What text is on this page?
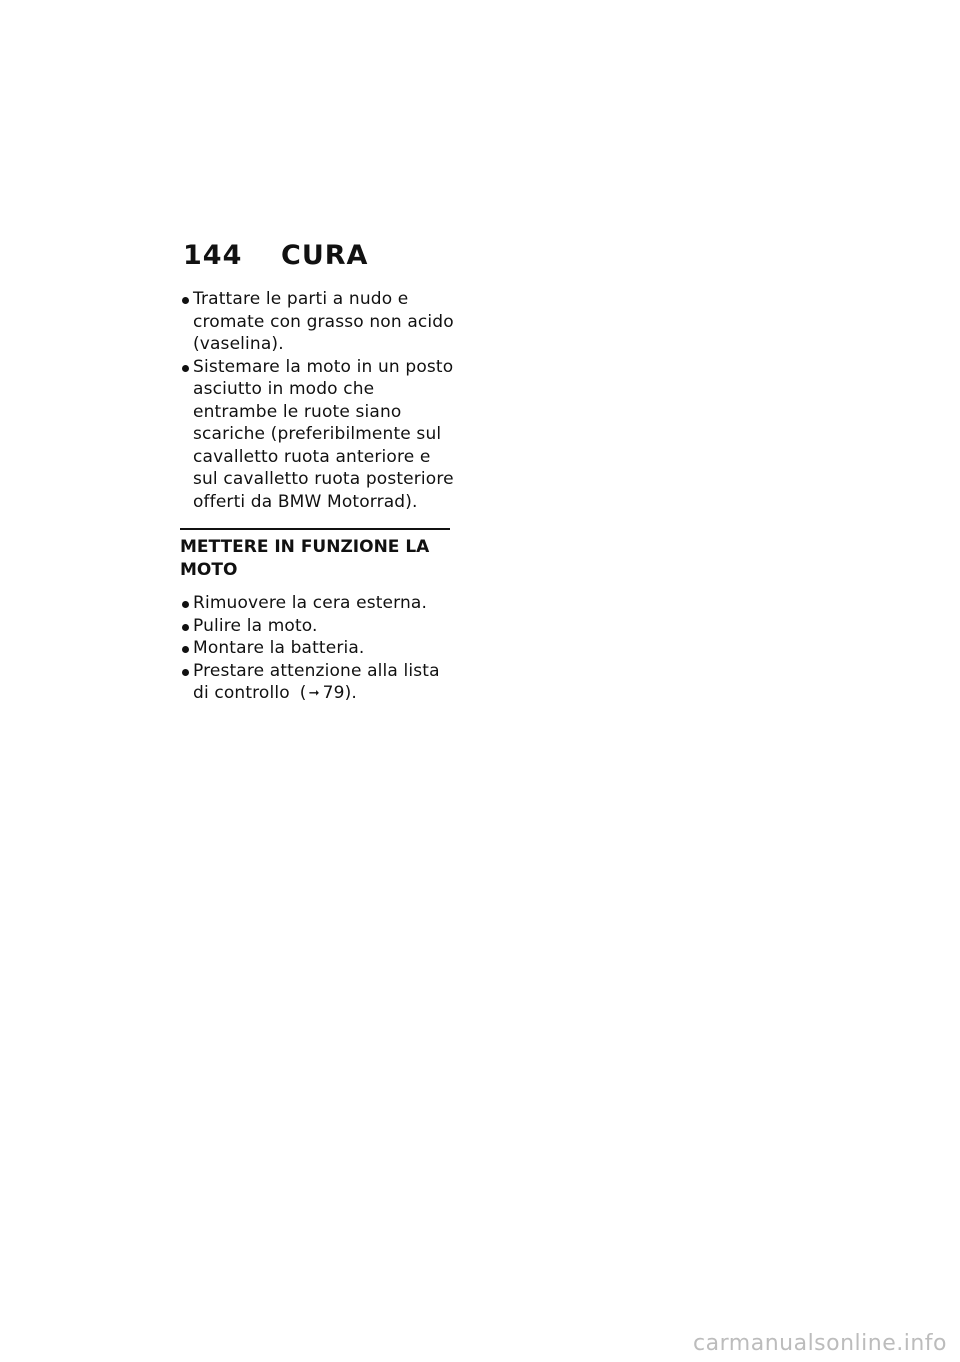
144 CURA
Trattare le parti a nudo e cromate con grasso non acido (vaselina).
Sistemare la moto in un posto asciutto in modo che entrambe le ruote siano scariche (preferibilmente sul cavalletto ruota anteriore e sul cavalletto ruota posteriore offerti da BMW Motorrad).
METTERE IN FUNZIONE LA MOTO
Rimuovere la cera esterna.
Pulire la moto.
Montare la batteria.
Prestare attenzione alla lista di controllo ( ➞ 79).
carmanualsonline.info
